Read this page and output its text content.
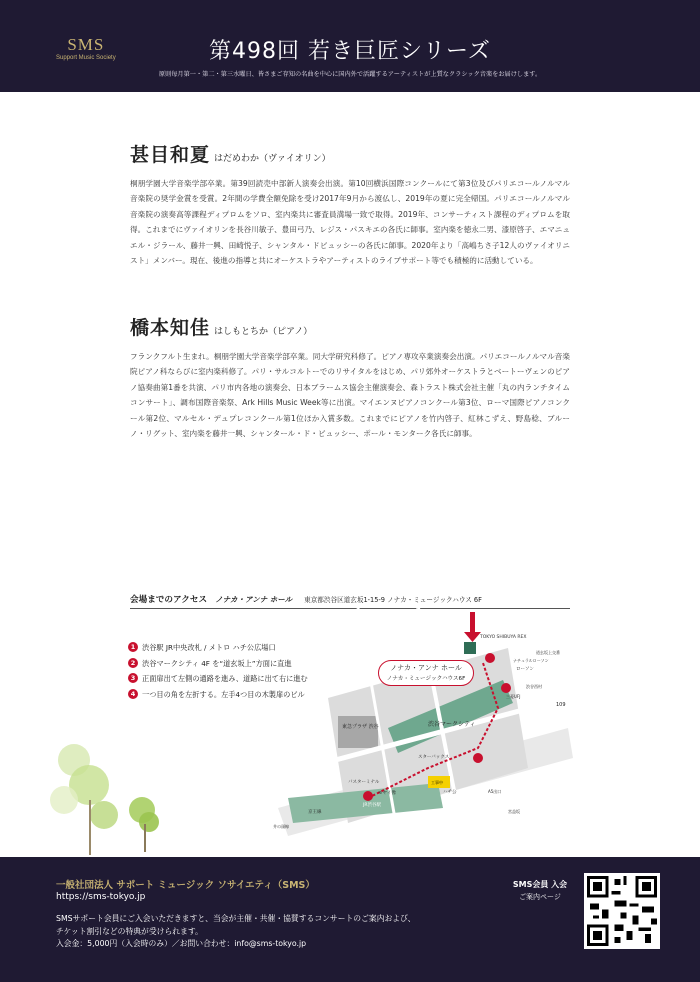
SMS
Support Music Society	第498回 若き巨匠シリーズ

原則毎月第一・第二・第三水曜日、皆さまご存知の名曲を中心に国内外で活躍するアーティストが上質なクラシック音楽をお届けします。

甚目和夏 はだめわか（ヴァイオリン）

桐朋学園大学音楽学部卒業。第39回読売中部新人演奏会出演。第10回横浜国際コンクールにて第3位及びパリエコールノルマル音楽院の奨学金賞を受賞。2年間の学費全額免除を受け2017年9月から渡仏し、2019年の夏に完全帰国。パリエコールノルマル音楽院の演奏高等課程ディプロムをソロ、室内楽共に審査員満場一致で取得。2019年、コンサーティスト課程のディプロムを取得。これまでにヴァイオリンを長谷川敏子、豊田弓乃、レジス・パスキエの各氏に師事。室内楽を徳永二男、漆原啓子、エマニュエル・ジラール、藤井一興、田崎悦子、シャンタル・ドビュッシーの各氏に師事。2020年より「高嶋ちさ子12人のヴァイオリニスト」メンバー。現在、後進の指導と共にオーケストラやアーティストのライブサポート等でも積極的に活動している。

橋本知佳 はしもとちか（ピアノ）

フランクフルト生まれ。桐朋学園大学音楽学部卒業。同大学研究科修了。ピアノ専攻卒業演奏会出演。パリエコールノルマル音楽院ピアノ科ならびに室内楽科修了。パリ・サルコルトーでのリサイタルをはじめ、パリ郊外オーケストラとベートーヴェンのピアノ協奏曲第1番を共演、パリ市内各地の演奏会、日本ブラームス協会主催演奏会、森トラスト株式会社主催「丸の内ランチタイムコンサート」、調布国際音楽祭、Ark Hills Music Week等に出演。マイエンヌピアノコンクール第3位、ローマ国際ピアノコンクール第2位、マルセル・デュプレコンクール第1位ほか入賞多数。これまでにピアノを竹内啓子、紅林こずえ、野島稔、ブルーノ・リグット、室内楽を藤井一興、シャンタール・ド・ビュッシー、ポール・モンターク各氏に師事。

会場までのアクセス ノナカ・アンナ ホール 東京都渋谷区道玄坂1-15-9 ノナカ・ミュージックハウス 6F
1 渋谷駅 JR中央改札 / メトロ ハチ公広場口
2 渋谷マークシティ 4F を“道玄坂上”方面に直進
3 正面扉出て左側の通路を進み、道路に出て右に進む
4 一つ目の角を左折する。左手4つ目の木製扉のビル
TOKYO SHIBUYA REX
渋谷マークシティ
東急プラザ 渋谷
スターバックス
バスターミナル
モヤイ像
JR渋谷駅
京王線
ハチ公
109
ローソン
ナチュラルローソン
道玄坂上交番
渋谷西村
井の頭線
三菱UFJ
A5出口
宮益坂
工事中
ノナカ・アンナ ホール
ノナカ・ミュージックハウス6F
一般社団法人 サポート ミュージック ソサイエティ（SMS）
https://sms-tokyo.jp
SMSサポート会員にご入会いただきますと、当会が主催・共催・協賛するコンサートのご案内および、
チケット割引などの特典が受けられます。
入会金：5,000円（入会時のみ）／お問い合わせ：info@sms-tokyo.jp
SMS会員 入会
ご案内ページ
